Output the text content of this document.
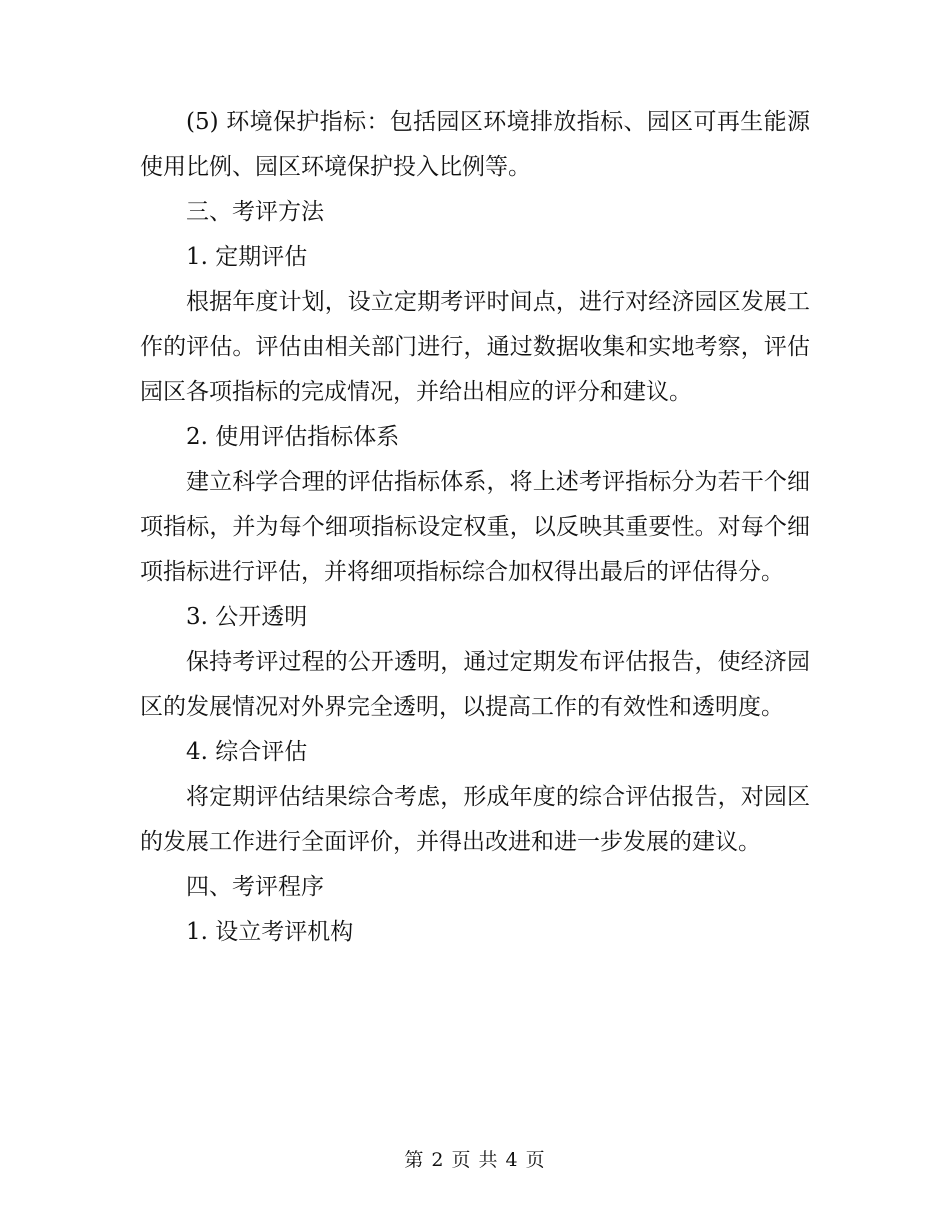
(5) 环境保护指标：包括园区环境排放指标、园区可再生能源使用比例、园区环境保护投入比例等。

三、考评方法

1. 定期评估

根据年度计划，设立定期考评时间点，进行对经济园区发展工作的评估。评估由相关部门进行，通过数据收集和实地考察，评估园区各项指标的完成情况，并给出相应的评分和建议。

2. 使用评估指标体系

建立科学合理的评估指标体系，将上述考评指标分为若干个细项指标，并为每个细项指标设定权重，以反映其重要性。对每个细项指标进行评估，并将细项指标综合加权得出最后的评估得分。

3. 公开透明

保持考评过程的公开透明，通过定期发布评估报告，使经济园区的发展情况对外界完全透明，以提高工作的有效性和透明度。

4. 综合评估

将定期评估结果综合考虑，形成年度的综合评估报告，对园区的发展工作进行全面评价，并得出改进和进一步发展的建议。

四、考评程序

1. 设立考评机构

第 2 页 共 4 页
